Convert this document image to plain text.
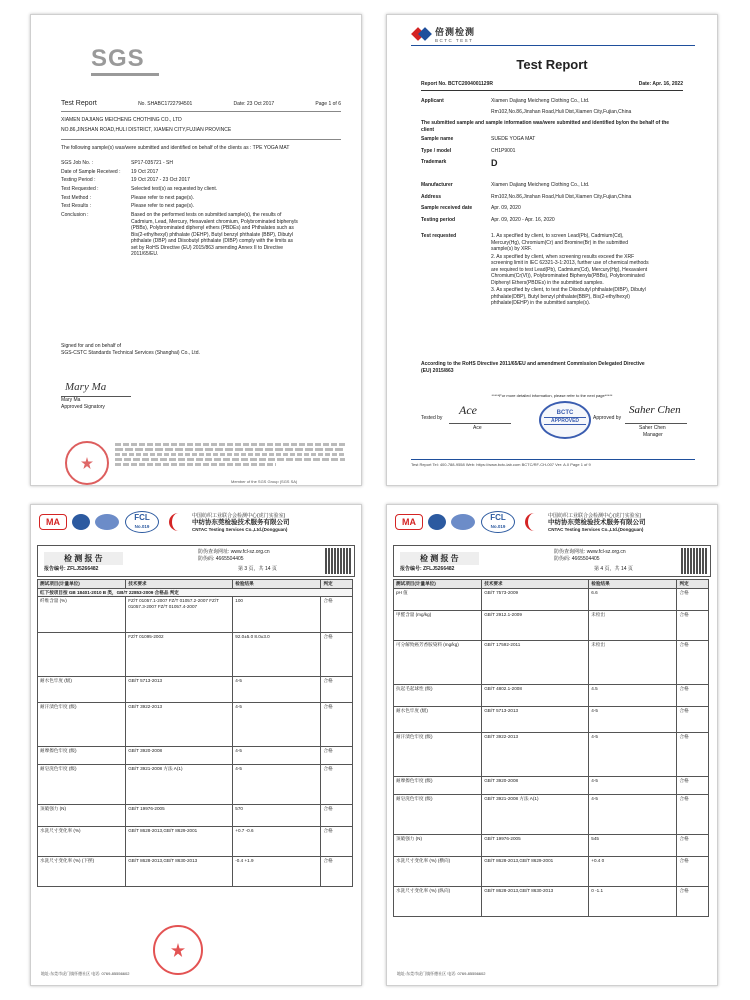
SGS
Test Report	No. SHABC1722794501	Date: 23 Oct 2017	Page 1 of 6
XIAMEN DAJIANG MEICHENG CHOTHING CO., LTD
NO.86,JINSHAN ROAD,HULI DISTRICT, XIAMEN CITY,FUJIAN PROVINCE
The following sample(s) was/were submitted and identified on behalf of the clients as : TPE YOGA MAT
SGS Job No. :	SP17-035721 - SH
Date of Sample Received :	19 Oct 2017
Testing Period :	19 Oct 2017 - 23 Oct 2017
Test Requested :	Selected test(s) as requested by client.
Test Method :	Please refer to next page(s).
Test Results :	Please refer to next page(s).
Conclusion :	Based on the performed tests on submitted sample(s), the results of Cadmium, Lead, Mercury, Hexavalent chromium, Polybrominated biphenyls (PBBs), Polybrominated diphenyl ethers (PBDEs) and Phthalates such as Bis(2-ethylhexyl) phthalate (DEHP), Butyl benzyl phthalate (BBP), Dibutyl phthalate (DBP) and Diisobutyl phthalate (DIBP) comply with the limits as set by RoHS Directive (EU) 2015/863 amending Annex II to Directive 2011/65/EU.
Signed for and on behalf of
SGS-CSTC Standards Technical Services (Shanghai) Co., Ltd.
Mary Ma
Mary Ma
Approved Signatory
Member of the SGS Group (SGS SA)
倍测检测
BCTC TEST
Test Report
Report No. BCTC2004001129R	Date: Apr. 16, 2022
Applicant	Xiamen Dajiang Meicheng Clothing Co., Ltd.
Rm102,No.86,Jinshan Road,Huli Dist,Xiamen City,Fujian,China
The submitted sample and sample information was/were submitted and identified by/on the behalf of the client
Sample name	SUEDE YOGA MAT
Type / model	CH1P9001
Trademark	D
Manufacturer	Xiamen Dajiang Meicheng Clothing Co., Ltd.
Address	Rm102,No.86,Jinshan Road,Huli Dist,Xiamen City,Fujian,China
Sample received date	Apr. 09, 2020
Testing period	Apr. 09, 2020 - Apr. 16, 2020
Test requested	1. As specified by client, to screen Lead(Pb), Cadmium(Cd), Mercury(Hg), Chromium(Cr) and Bromine(Br) in the submitted sample(s) by XRF.
2. As specified by client, when screening results exceed the XRF screening limit in IEC 62321-3-1:2013, further use of chemical methods are required to test Lead(Pb), Cadmium(Cd), Mercury(Hg), Hexavalent Chromium(Cr(VI)), Polybrominated Biphenyls(PBBs), Polybrominated Diphenyl Ethers(PBDEs) in the submitted samples.
3. As specified by client, to test the Diisobutyl phthalate(DIBP), Dibutyl phthalate(DBP), Butyl benzyl phthalate(BBP), Bis(2-ethylhexyl) phthalate(DEHP) in the submitted sample(s).
According to the RoHS Directive 2011/65/EU and amendment Commission Delegated Directive (EU) 2015/863
*****For more detailed information, please refer to the next page*****
BCTC
APPROVED
Tested by
Ace
Ace
Approved by
Saher Chen
Saher Chen
Manager
Test Report Tel: 400-788-9558 Web: https://www.bctc-lab.com BCTC/RF-CH-007 Ver: A.0 Page 1 of 9
MA	FCL
No.019
中国纺织工业联合会检测中心(虎门实验室)
中纺协东莞检验技术服务有限公司
CNTAC Testing Services Co.,Ltd.(Dongguan)
检 测 报 告
防伪查询网址: www.fcl-sz.org.cn
防伪码: 4665504405
报告编号: ZFLJ5266482	第 3 页，共 14 页
测试项目(计量单位)	技术要求	检验结果	判定
红下按项目按 GB 18401-2010 B 类，GB/T 22853-2009 合格品 判定			
纤维含量 (%)	FZ/T 01057.1-2007 FZ/T 01057.2-2007 FZ/T 01057.3-2007 FZ/T 01057.4-2007	100	合格
	FZ/T 01095-2002	92.0±5.0 8.0±3.0	合格
耐水色牢度 (级)	GB/T 5713-2013	4-5	合格
耐汗渍色牢度 (级)	GB/T 3922-2013	4-5	合格
耐摩擦色牢度 (级)	GB/T 3920-2008	4-5	合格
耐皂洗色牢度 (级)	GB/T 3921-2008 方法 A(1)	4-5	合格
顶破强力 (N)	GB/T 19976-2005	570	合格
水洗尺寸变化率 (%)	GB/T 8628-2013,GB/T 8629-2001	+0.7 -0.6	合格
水洗尺寸变化率 (%) (下摆)	GB/T 8628-2013,GB/T 8630-2013	-0.4 +1.9	合格
地址:东莞市虎门镇怀德社区 电话: 0769-85556602
MA	FCL
No.019
中国纺织工业联合会检测中心(虎门实验室)
中纺协东莞检验技术服务有限公司
CNTAC Testing Services Co.,Ltd.(Dongguan)
检 测 报 告
防伪查询网址: www.fcl-sz.org.cn
防伪码: 4665504405
报告编号: ZFLJ5266482	第 4 页，共 14 页
测试项目(计量单位)	技术要求	检验结果	判定
pH 值	GB/T 7573-2009	6.6	合格
甲醛含量 (mg/kg)	GB/T 2912.1-2009	未检出	合格
可分解致癌芳香胺染料 (mg/kg)	GB/T 17592-2011	未检出	合格
抗起毛起球性 (级)	GB/T 4802.1-2008	4.5	合格
耐水色牢度 (级)	GB/T 5713-2013	4-5	合格
耐汗渍色牢度 (级)	GB/T 3922-2013	4-5	合格
耐摩擦色牢度 (级)	GB/T 3920-2008	4-5	合格
耐皂洗色牢度 (级)	GB/T 3921-2008 方法 A(1)	4-5	合格
顶破强力 (N)	GB/T 19976-2005	545	合格
水洗尺寸变化率 (%) (横向)	GB/T 8628-2013,GB/T 8629-2001	+0.4 0	合格
水洗尺寸变化率 (%) (纵向)	GB/T 8628-2013,GB/T 8630-2013	0 -1.1	合格
地址:东莞市虎门镇怀德社区 电话: 0769-85556602
